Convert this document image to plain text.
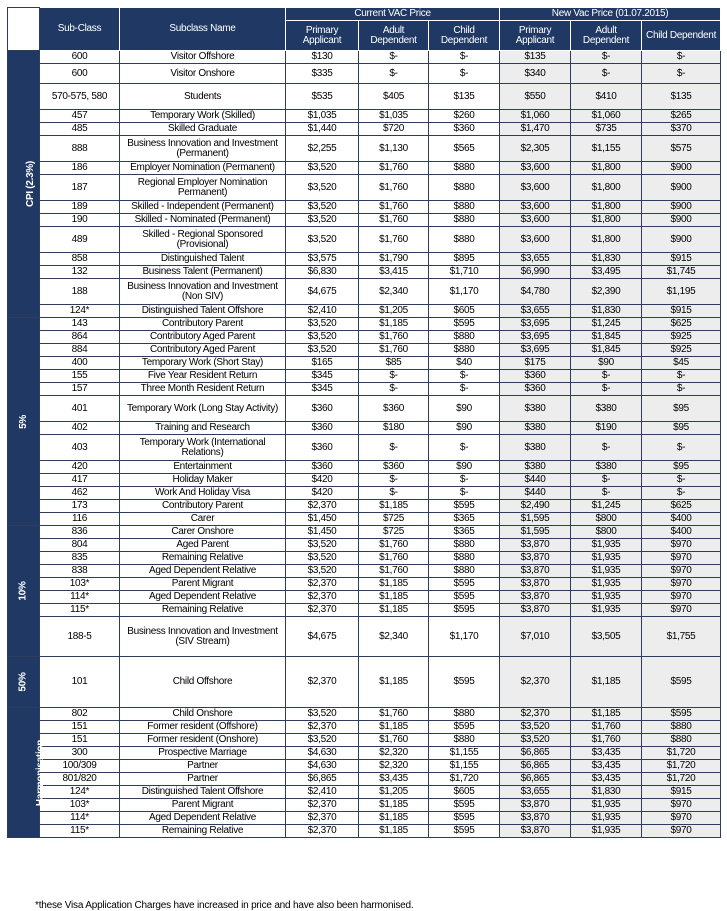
	Sub-Class	Subclass Name	Current VAC Price			New Vac Price (01.07.2015)		
			Primary Applicant	Adult Dependent	Child Dependent	Primary Applicant	Adult Dependent	Child Dependent
CPI (2.3%)	600	Visitor Offshore	$130	$-	$-	$135	$-	$-
	600	Visitor Onshore	$335	$-	$-	$340	$-	$-
	570-575, 580	Students	$535	$405	$135	$550	$410	$135
	457	Temporary Work (Skilled)	$1,035	$1,035	$260	$1,060	$1,060	$265
	485	Skilled Graduate	$1,440	$720	$360	$1,470	$735	$370
	888	Business Innovation and Investment (Permanent)	$2,255	$1,130	$565	$2,305	$1,155	$575
	186	Employer Nomination (Permanent)	$3,520	$1,760	$880	$3,600	$1,800	$900
	187	Regional Employer Nomination Permanent)	$3,520	$1,760	$880	$3,600	$1,800	$900
	189	Skilled - Independent (Permanent)	$3,520	$1,760	$880	$3,600	$1,800	$900
	190	Skilled - Nominated (Permanent)	$3,520	$1,760	$880	$3,600	$1,800	$900
	489	Skilled - Regional Sponsored (Provisional)	$3,520	$1,760	$880	$3,600	$1,800	$900
	858	Distinguished Talent	$3,575	$1,790	$895	$3,655	$1,830	$915
	132	Business Talent (Permanent)	$6,830	$3,415	$1,710	$6,990	$3,495	$1,745
	188	Business Innovation and Investment (Non SIV)	$4,675	$2,340	$1,170	$4,780	$2,390	$1,195
	124*	Distinguished Talent Offshore	$2,410	$1,205	$605	$3,655	$1,830	$915
5%	143	Contributory Parent	$3,520	$1,185	$595	$3,695	$1,245	$625
	864	Contributory Aged Parent	$3,520	$1,760	$880	$3,695	$1,845	$925
	884	Contributory Aged Parent	$3,520	$1,760	$880	$3,695	$1,845	$925
	400	Temporary Work (Short Stay)	$165	$85	$40	$175	$90	$45
	155	Five Year Resident Return	$345	$-	$-	$360	$-	$-
	157	Three Month Resident Return	$345	$-	$-	$360	$-	$-
	401	Temporary Work (Long Stay Activity)	$360	$360	$90	$380	$380	$95
	402	Training and Research	$360	$180	$90	$380	$190	$95
	403	Temporary Work (International Relations)	$360	$-	$-	$380	$-	$-
	420	Entertainment	$360	$360	$90	$380	$380	$95
	417	Holiday Maker	$420	$-	$-	$440	$-	$-
	462	Work And Holiday Visa	$420	$-	$-	$440	$-	$-
	173	Contributory Parent	$2,370	$1,185	$595	$2,490	$1,245	$625
	116	Carer	$1,450	$725	$365	$1,595	$800	$400
10%	836	Carer Onshore	$1,450	$725	$365	$1,595	$800	$400
	804	Aged Parent	$3,520	$1,760	$880	$3,870	$1,935	$970
	835	Remaining Relative	$3,520	$1,760	$880	$3,870	$1,935	$970
	838	Aged Dependent Relative	$3,520	$1,760	$880	$3,870	$1,935	$970
	103*	Parent Migrant	$2,370	$1,185	$595	$3,870	$1,935	$970
	114*	Aged Dependent Relative	$2,370	$1,185	$595	$3,870	$1,935	$970
	115*	Remaining Relative	$2,370	$1,185	$595	$3,870	$1,935	$970
	188-5	Business Innovation and Investment (SIV Stream)	$4,675	$2,340	$1,170	$7,010	$3,505	$1,755
50%	101	Child Offshore	$2,370	$1,185	$595	$2,370	$1,185	$595
Harmonisation	802	Child Onshore	$3,520	$1,760	$880	$2,370	$1,185	$595
	151	Former resident (Offshore)	$2,370	$1,185	$595	$3,520	$1,760	$880
	151	Former resident (Onshore)	$3,520	$1,760	$880	$3,520	$1,760	$880
	300	Prospective Marriage	$4,630	$2,320	$1,155	$6,865	$3,435	$1,720
	100/309	Partner	$4,630	$2,320	$1,155	$6,865	$3,435	$1,720
	801/820	Partner	$6,865	$3,435	$1,720	$6,865	$3,435	$1,720
	124*	Distinguished Talent Offshore	$2,410	$1,205	$605	$3,655	$1,830	$915
	103*	Parent Migrant	$2,370	$1,185	$595	$3,870	$1,935	$970
	114*	Aged Dependent Relative	$2,370	$1,185	$595	$3,870	$1,935	$970
	115*	Remaining Relative	$2,370	$1,185	$595	$3,870	$1,935	$970
*these Visa Application Charges have increased in price and have also been harmonised.
